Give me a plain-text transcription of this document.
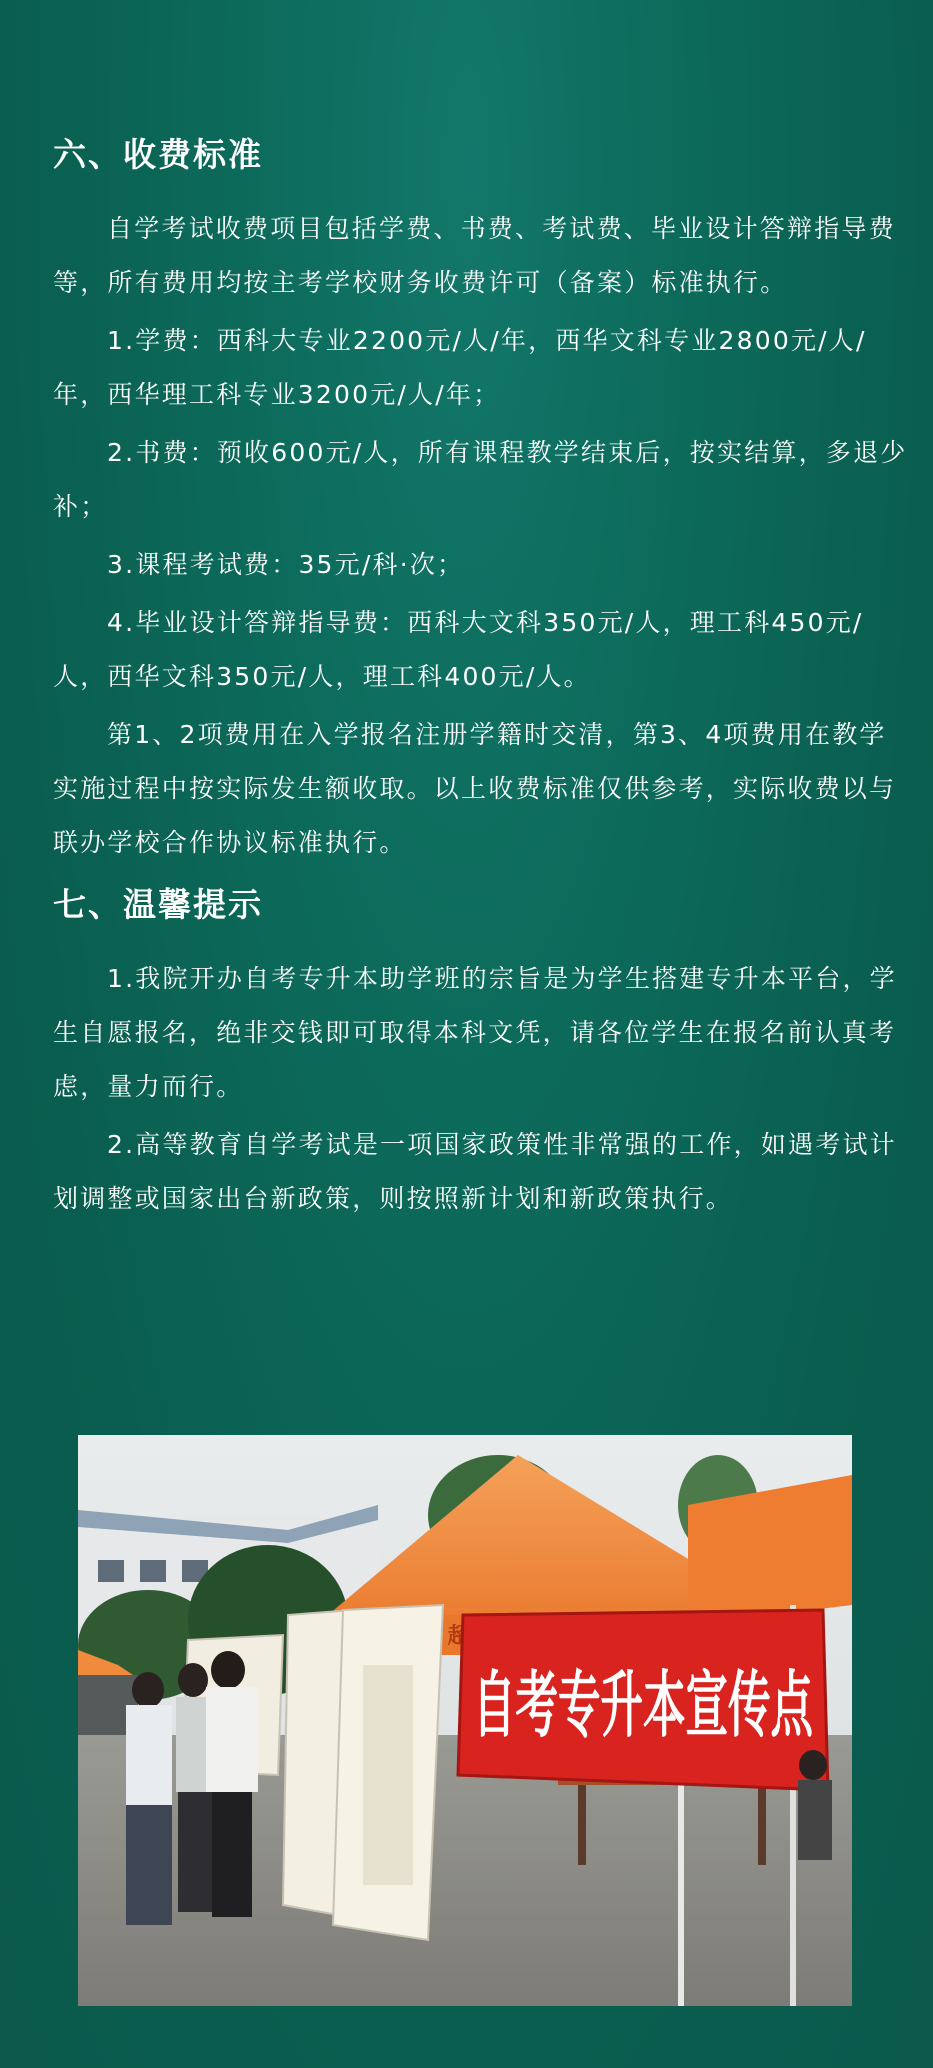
六、收费标准

自学考试收费项目包括学费、书费、考试费、毕业设计答辩指导费等，所有费用均按主考学校财务收费许可（备案）标准执行。

1.学费：西科大专业2200元/人/年，西华文科专业2800元/人/年，西华理工科专业3200元/人/年；

2.书费：预收600元/人，所有课程教学结束后，按实结算，多退少补；

3.课程考试费：35元/科·次；

4.毕业设计答辩指导费：西科大文科350元/人，理工科450元/人，西华文科350元/人，理工科400元/人。

第1、2项费用在入学报名注册学籍时交清，第3、4项费用在教学实施过程中按实际发生额收取。以上收费标准仅供参考，实际收费以与联办学校合作协议标准执行。

七、温馨提示

1.我院开办自考专升本助学班的宗旨是为学生搭建专升本平台，学生自愿报名，绝非交钱即可取得本科文凭，请各位学生在报名前认真考虑，量力而行。

2.高等教育自学考试是一项国家政策性非常强的工作，如遇考试计划调整或国家出台新政策，则按照新计划和新政策执行。

自考专升本宣传点
